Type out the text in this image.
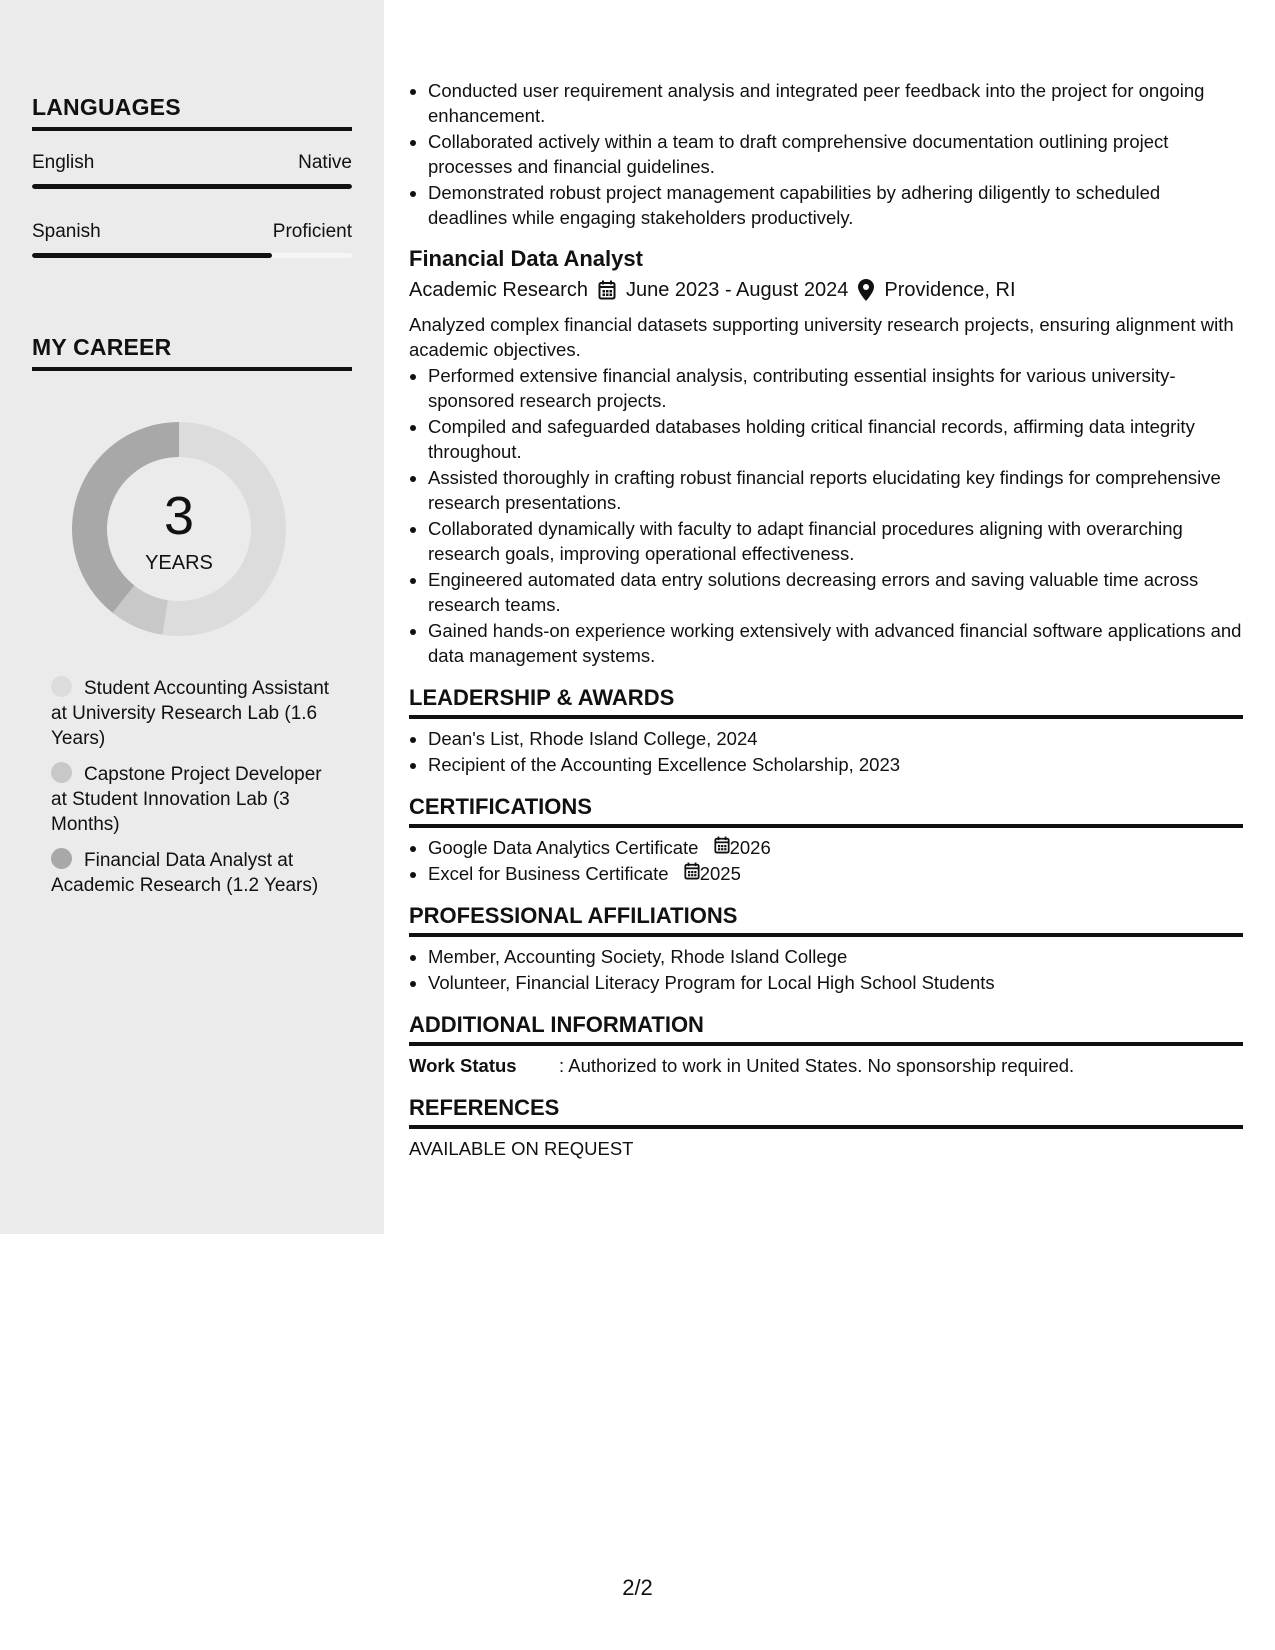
LANGUAGES
English	Native
Spanish	Proficient
MY CAREER
3
YEARS
Student Accounting Assistant at University Research Lab (1.6 Years)
Capstone Project Developer at Student Innovation Lab (3 Months)
Financial Data Analyst at Academic Research (1.2 Years)
• Conducted user requirement analysis and integrated peer feedback into the project for ongoing enhancement.
• Collaborated actively within a team to draft comprehensive documentation outlining project processes and financial guidelines.
• Demonstrated robust project management capabilities by adhering diligently to scheduled deadlines while engaging stakeholders productively.
Financial Data Analyst
Academic Research June 2023 - August 2024 Providence, RI
Analyzed complex financial datasets supporting university research projects, ensuring alignment with academic objectives.
• Performed extensive financial analysis, contributing essential insights for various university-sponsored research projects.
• Compiled and safeguarded databases holding critical financial records, affirming data integrity throughout.
• Assisted thoroughly in crafting robust financial reports elucidating key findings for comprehensive research presentations.
• Collaborated dynamically with faculty to adapt financial procedures aligning with overarching research goals, improving operational effectiveness.
• Engineered automated data entry solutions decreasing errors and saving valuable time across research teams.
• Gained hands-on experience working extensively with advanced financial software applications and data management systems.
LEADERSHIP & AWARDS
• Dean's List, Rhode Island College, 2024
• Recipient of the Accounting Excellence Scholarship, 2023
CERTIFICATIONS
• Google Data Analytics Certificate 2026
• Excel for Business Certificate 2025
PROFESSIONAL AFFILIATIONS
• Member, Accounting Society, Rhode Island College
• Volunteer, Financial Literacy Program for Local High School Students
ADDITIONAL INFORMATION
Work Status	: Authorized to work in United States. No sponsorship required.
REFERENCES
AVAILABLE ON REQUEST
2/2
